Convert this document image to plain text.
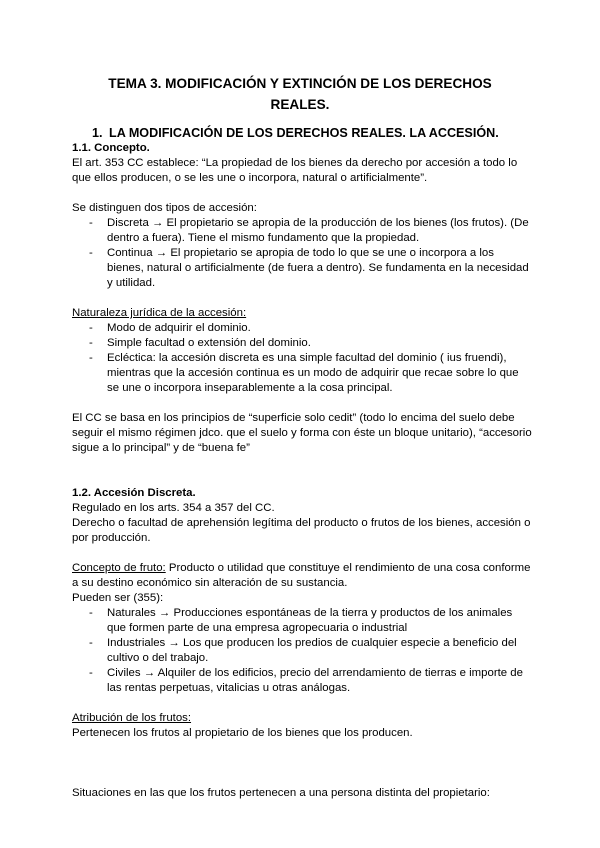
TEMA 3. MODIFICACIÓN Y EXTINCIÓN DE LOS DERECHOS REALES.
1. LA MODIFICACIÓN DE LOS DERECHOS REALES. LA ACCESIÓN.
1.1. Concepto.

El art. 353 CC establece: “La propiedad de los bienes da derecho por accesión a todo lo que ellos producen, o se les une o incorpora, natural o artificialmente”.

Se distinguen dos tipos de accesión:

- Discreta → El propietario se apropia de la producción de los bienes (los frutos). (De dentro a fuera). Tiene el mismo fundamento que la propiedad.
- Continua → El propietario se apropia de todo lo que se une o incorpora a los bienes, natural o artificialmente (de fuera a dentro). Se fundamenta en la necesidad y utilidad.

Naturaleza jurídica de la accesión:

- Modo de adquirir el dominio.
- Simple facultad o extensión del dominio.
- Ecléctica: la accesión discreta es una simple facultad del dominio ( ius fruendi), mientras que la accesión continua es un modo de adquirir que recae sobre lo que se une o incorpora inseparablemente a la cosa principal.

El CC se basa en los principios de “superficie solo cedit” (todo lo encima del suelo debe seguir el mismo régimen jdco. que el suelo y forma con éste un bloque unitario), “accesorio sigue a lo principal” y de “buena fe”

1.2. Accesión Discreta.

Regulado en los arts. 354 a 357 del CC.

Derecho o facultad de aprehensión legítima del producto o frutos de los bienes, accesión o por producción.

Concepto de fruto: Producto o utilidad que constituye el rendimiento de una cosa conforme a su destino económico sin alteración de su sustancia.

Pueden ser (355):

- Naturales → Producciones espontáneas de la tierra y productos de los animales que formen parte de una empresa agropecuaria o industrial
- Industriales → Los que producen los predios de cualquier especie a beneficio del cultivo o del trabajo.
- Civiles → Alquiler de los edificios, precio del arrendamiento de tierras e importe de las rentas perpetuas, vitalicias u otras análogas.

Atribución de los frutos:

Pertenecen los frutos al propietario de los bienes que los producen.

Situaciones en las que los frutos pertenecen a una persona distinta del propietario:
